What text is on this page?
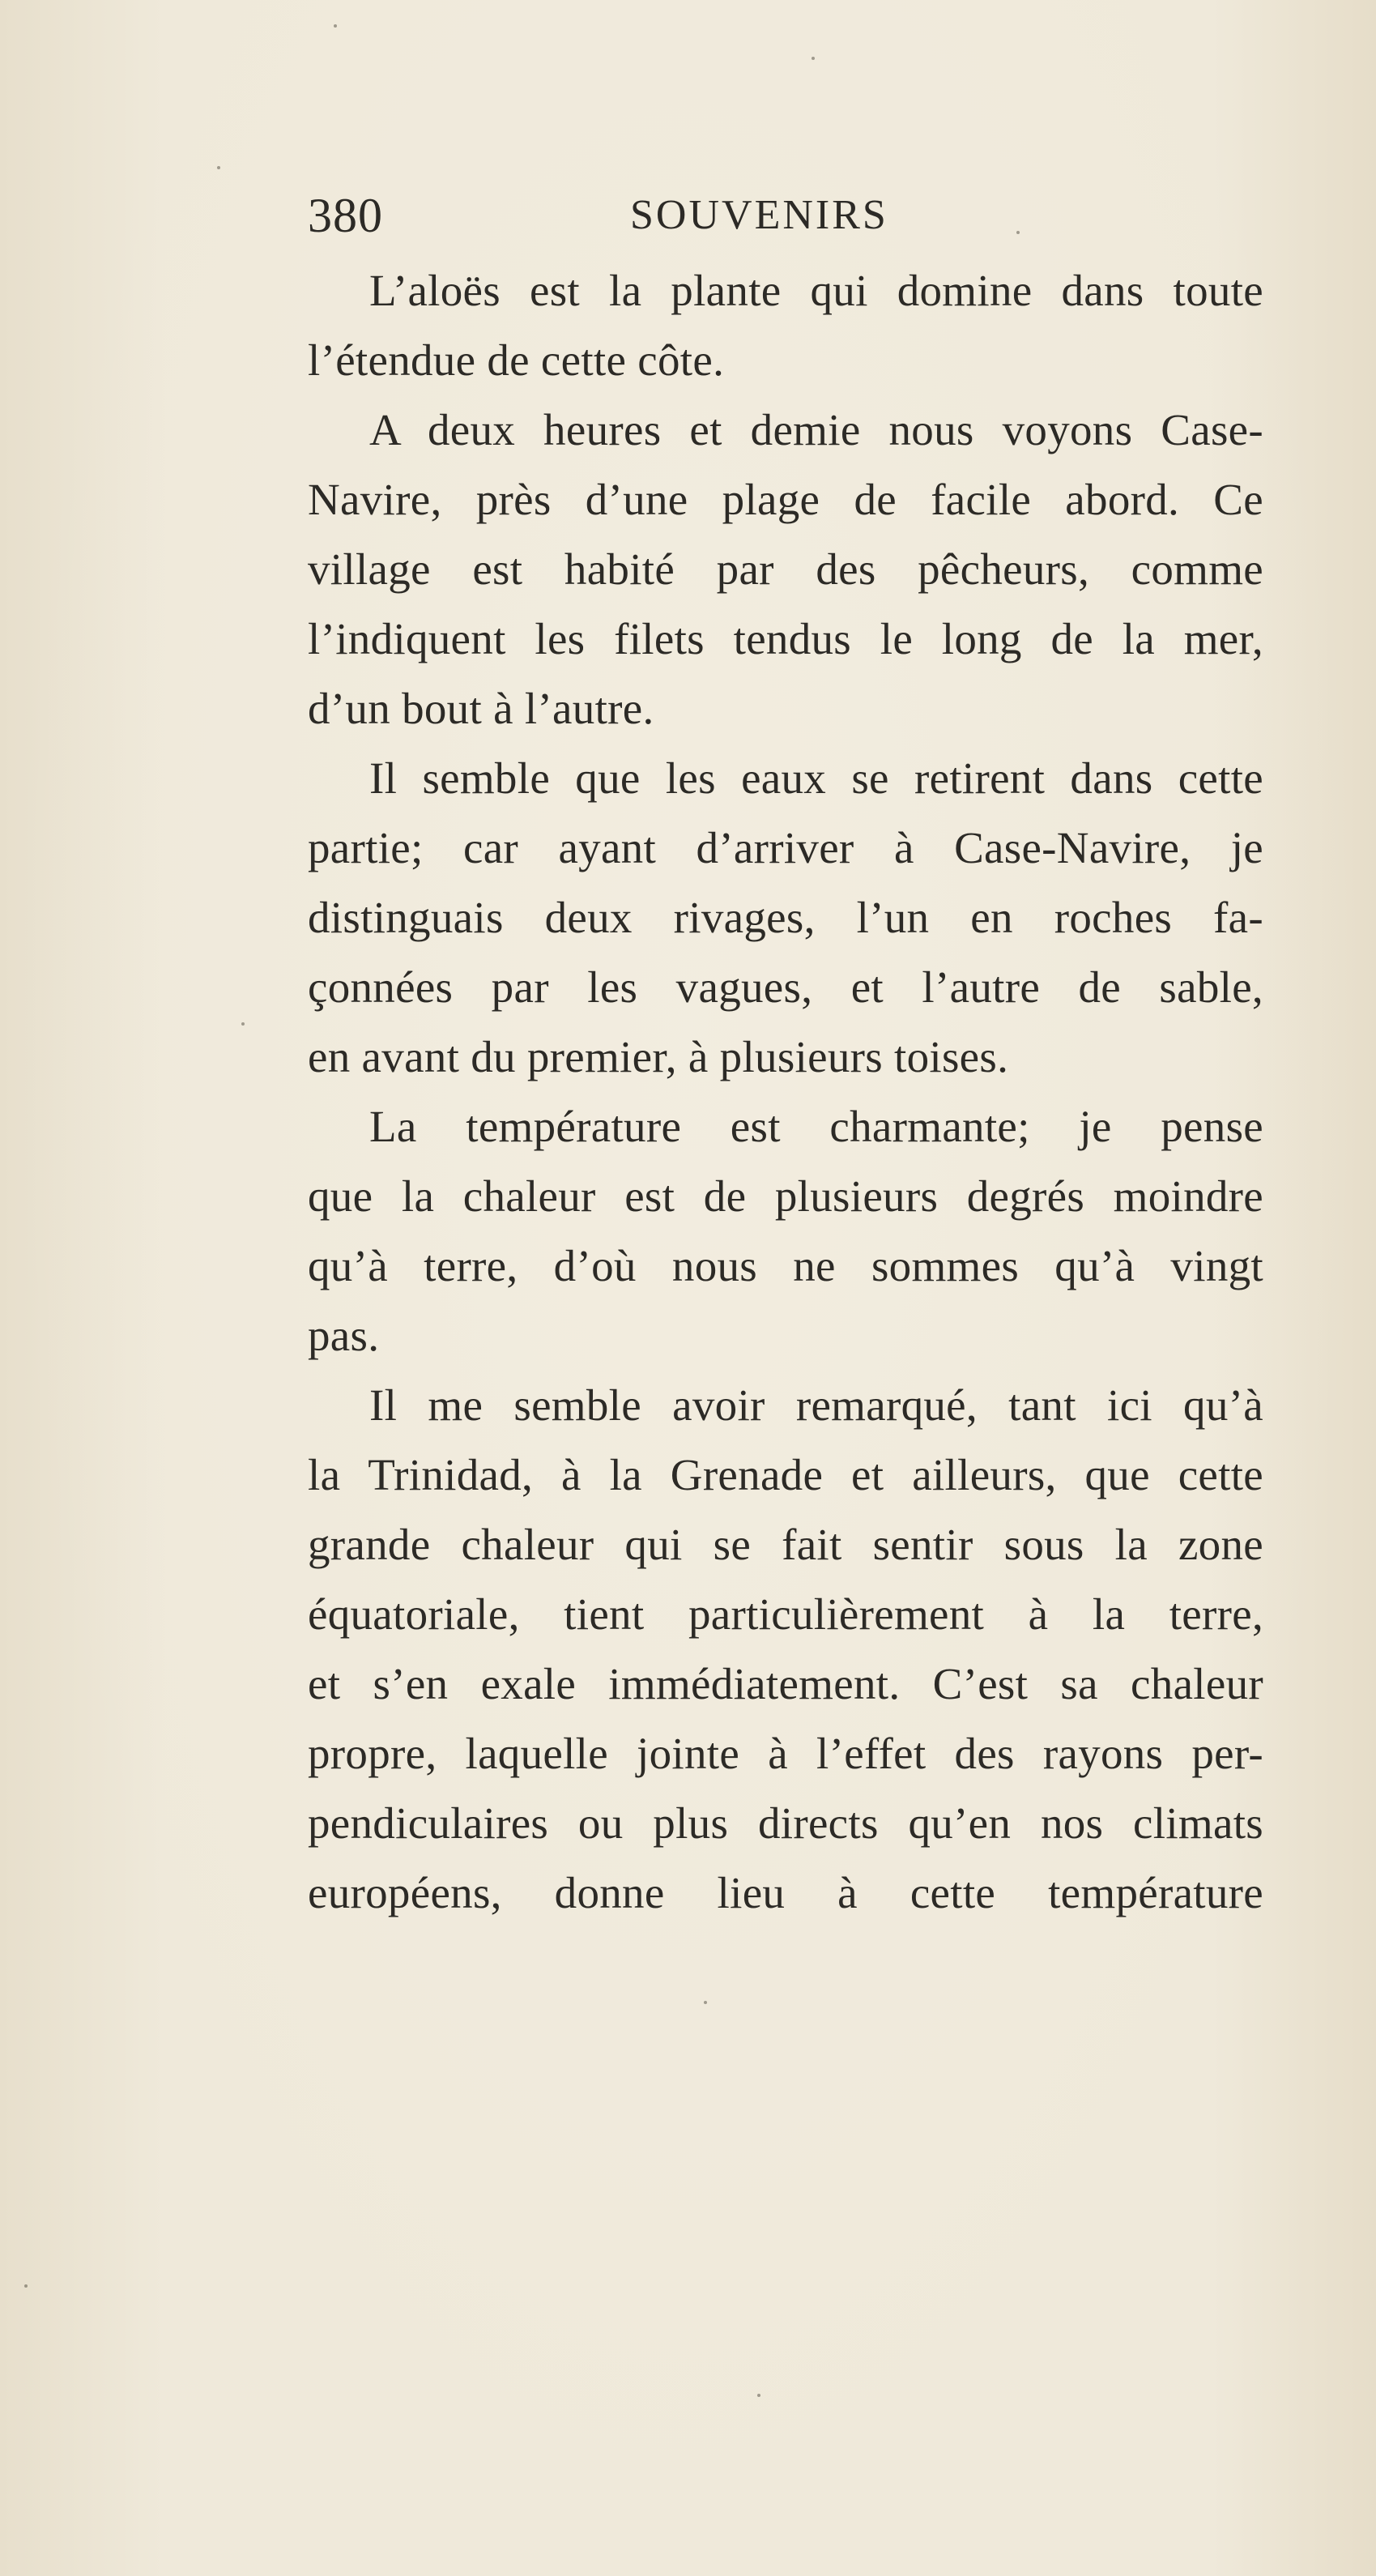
380	SOUVENIRS
L’aloës est la plante qui domine dans toute
l’étendue de cette côte.
A deux heures et demie nous voyons Case-
Navire, près d’une plage de facile abord. Ce
village est habité par des pêcheurs, comme
l’indiquent les filets tendus le long de la mer,
d’un bout à l’autre.
Il semble que les eaux se retirent dans cette
partie; car ayant d’arriver à Case-Navire, je
distinguais deux rivages, l’un en roches fa-
çonnées par les vagues, et l’autre de sable,
en avant du premier, à plusieurs toises.
La température est charmante; je pense
que la chaleur est de plusieurs degrés moindre
qu’à terre, d’où nous ne sommes qu’à vingt
pas.
Il me semble avoir remarqué, tant ici qu’à
la Trinidad, à la Grenade et ailleurs, que cette
grande chaleur qui se fait sentir sous la zone
équatoriale, tient particulièrement à la terre,
et s’en exale immédiatement. C’est sa chaleur
propre, laquelle jointe à l’effet des rayons per-
pendiculaires ou plus directs qu’en nos climats
européens, donne lieu à cette température
